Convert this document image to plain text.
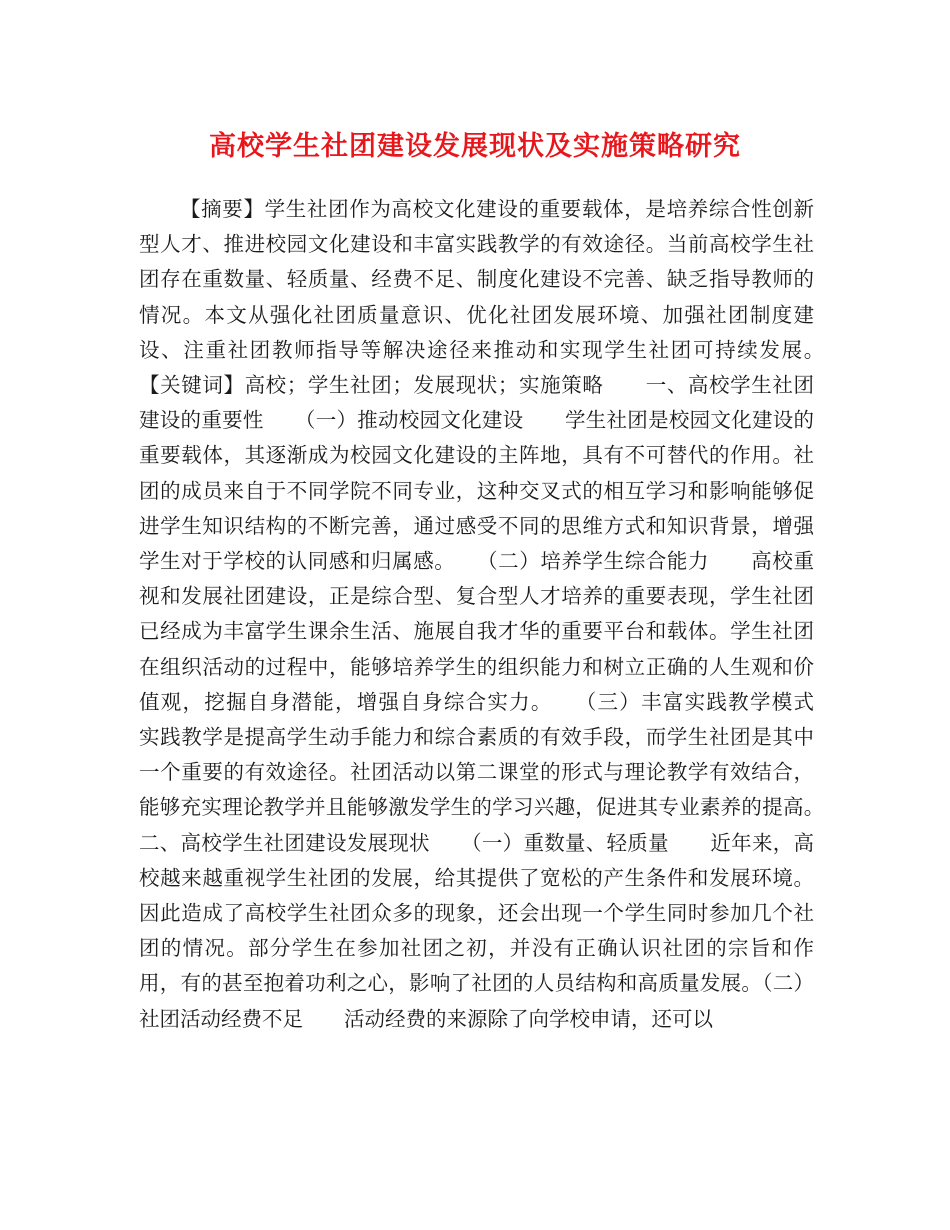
高校学生社团建设发展现状及实施策略研究

【摘要】学生社团作为高校文化建设的重要载体，是培养综合性创新型人才、推进校园文化建设和丰富实践教学的有效途径。当前高校学生社团存在重数量、轻质量、经费不足、制度化建设不完善、缺乏指导教师的情况。本文从强化社团质量意识、优化社团发展环境、加强社团制度建设、注重社团教师指导等解决途径来推动和实现学生社团可持续发展。　　【关键词】高校；学生社团；发展现状；实施策略　　一、高校学生社团建设的重要性　　（一）推动校园文化建设　　学生社团是校园文化建设的重要载体，其逐渐成为校园文化建设的主阵地，具有不可替代的作用。社团的成员来自于不同学院不同专业，这种交叉式的相互学习和影响能够促进学生知识结构的不断完善，通过感受不同的思维方式和知识背景，增强学生对于学校的认同感和归属感。　　（二）培养学生综合能力　　高校重视和发展社团建设，正是综合型、复合型人才培养的重要表现，学生社团已经成为丰富学生课余生活、施展自我才华的重要平台和载体。学生社团在组织活动的过程中，能够培养学生的组织能力和树立正确的人生观和价值观，挖掘自身潜能，增强自身综合实力。　　（三）丰富实践教学模式　　实践教学是提高学生动手能力和综合素质的有效手段，而学生社团是其中一个重要的有效途径。社团活动以第二课堂的形式与理论教学有效结合，能够充实理论教学并且能够激发学生的学习兴趣，促进其专业素养的提高。　　二、高校学生社团建设发展现状　　（一）重数量、轻质量　　近年来，高校越来越重视学生社团的发展，给其提供了宽松的产生条件和发展环境。因此造成了高校学生社团众多的现象，还会出现一个学生同时参加几个社团的情况。部分学生在参加社团之初，并没有正确认识社团的宗旨和作用，有的甚至抱着功利之心，影响了社团的人员结构和高质量发展。（二）社团活动经费不足　　活动经费的来源除了向学校申请，还可以
